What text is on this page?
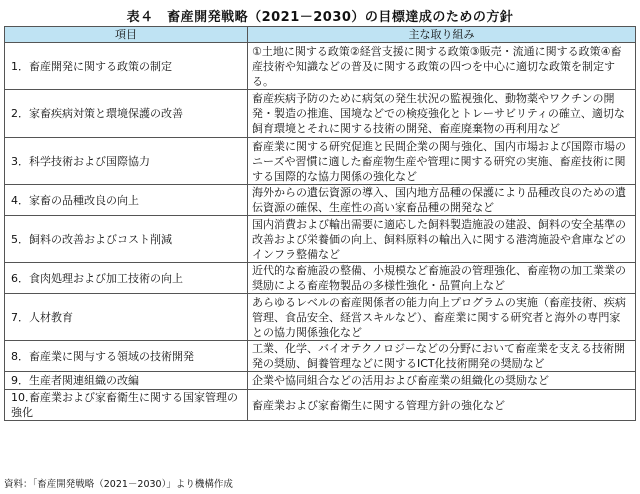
表４　畜産開発戦略（2021－2030）の目標達成のための方針
項目	主な取り組み
1．畜産開発に関する政策の制定	①土地に関する政策②経営支援に関する政策③販売・流通に関する政策④畜産技術や知識などの普及に関する政策の四つを中心に適切な政策を制定する。
2．家畜疾病対策と環境保護の改善	畜産疾病予防のために病気の発生状況の監視強化、動物薬やワクチンの開発・製造の推進、国境などでの検疫強化とトレーサビリティの確立、適切な飼育環境とそれに関する技術の開発、畜産廃棄物の再利用など
3．科学技術および国際協力	畜産業に関する研究促進と民間企業の関与強化、国内市場および国際市場のニーズや習慣に適した畜産物生産や管理に関する研究の実施、畜産技術に関する国際的な協力関係の強化など
4．家畜の品種改良の向上	海外からの遺伝資源の導入、国内地方品種の保護により品種改良のための遺伝資源の確保、生産性の高い家畜品種の開発など
5．飼料の改善およびコスト削減	国内消費および輸出需要に適応した飼料製造施設の建設、飼料の安全基準の改善および栄養価の向上、飼料原料の輸出入に関する港湾施設や倉庫などのインフラ整備など
6．食肉処理および加工技術の向上	近代的な畜施設の整備、小規模など畜施設の管理強化、畜産物の加工業業の奨励による畜産物製品の多様性強化・品質向上など
7．人材教育	あらゆるレベルの畜産関係者の能力向上プログラムの実施（畜産技術、疾病管理、食品安全、経営スキルなど）、畜産業に関する研究者と海外の専門家との協力関係強化など
8．畜産業に関与する領域の技術開発	工業、化学、バイオテクノロジーなどの分野において畜産業を支える技術開発の奨励、飼養管理などに関するICT化技術開発の奨励など
9．生産者関連組織の改編	企業や協同組合などの活用および畜産業の組織化の奨励など
10．畜産業および家畜衛生に関する国家管理の強化	畜産業および家畜衛生に関する管理方針の強化など
資料：「畜産開発戦略（2021－2030）」より機構作成
